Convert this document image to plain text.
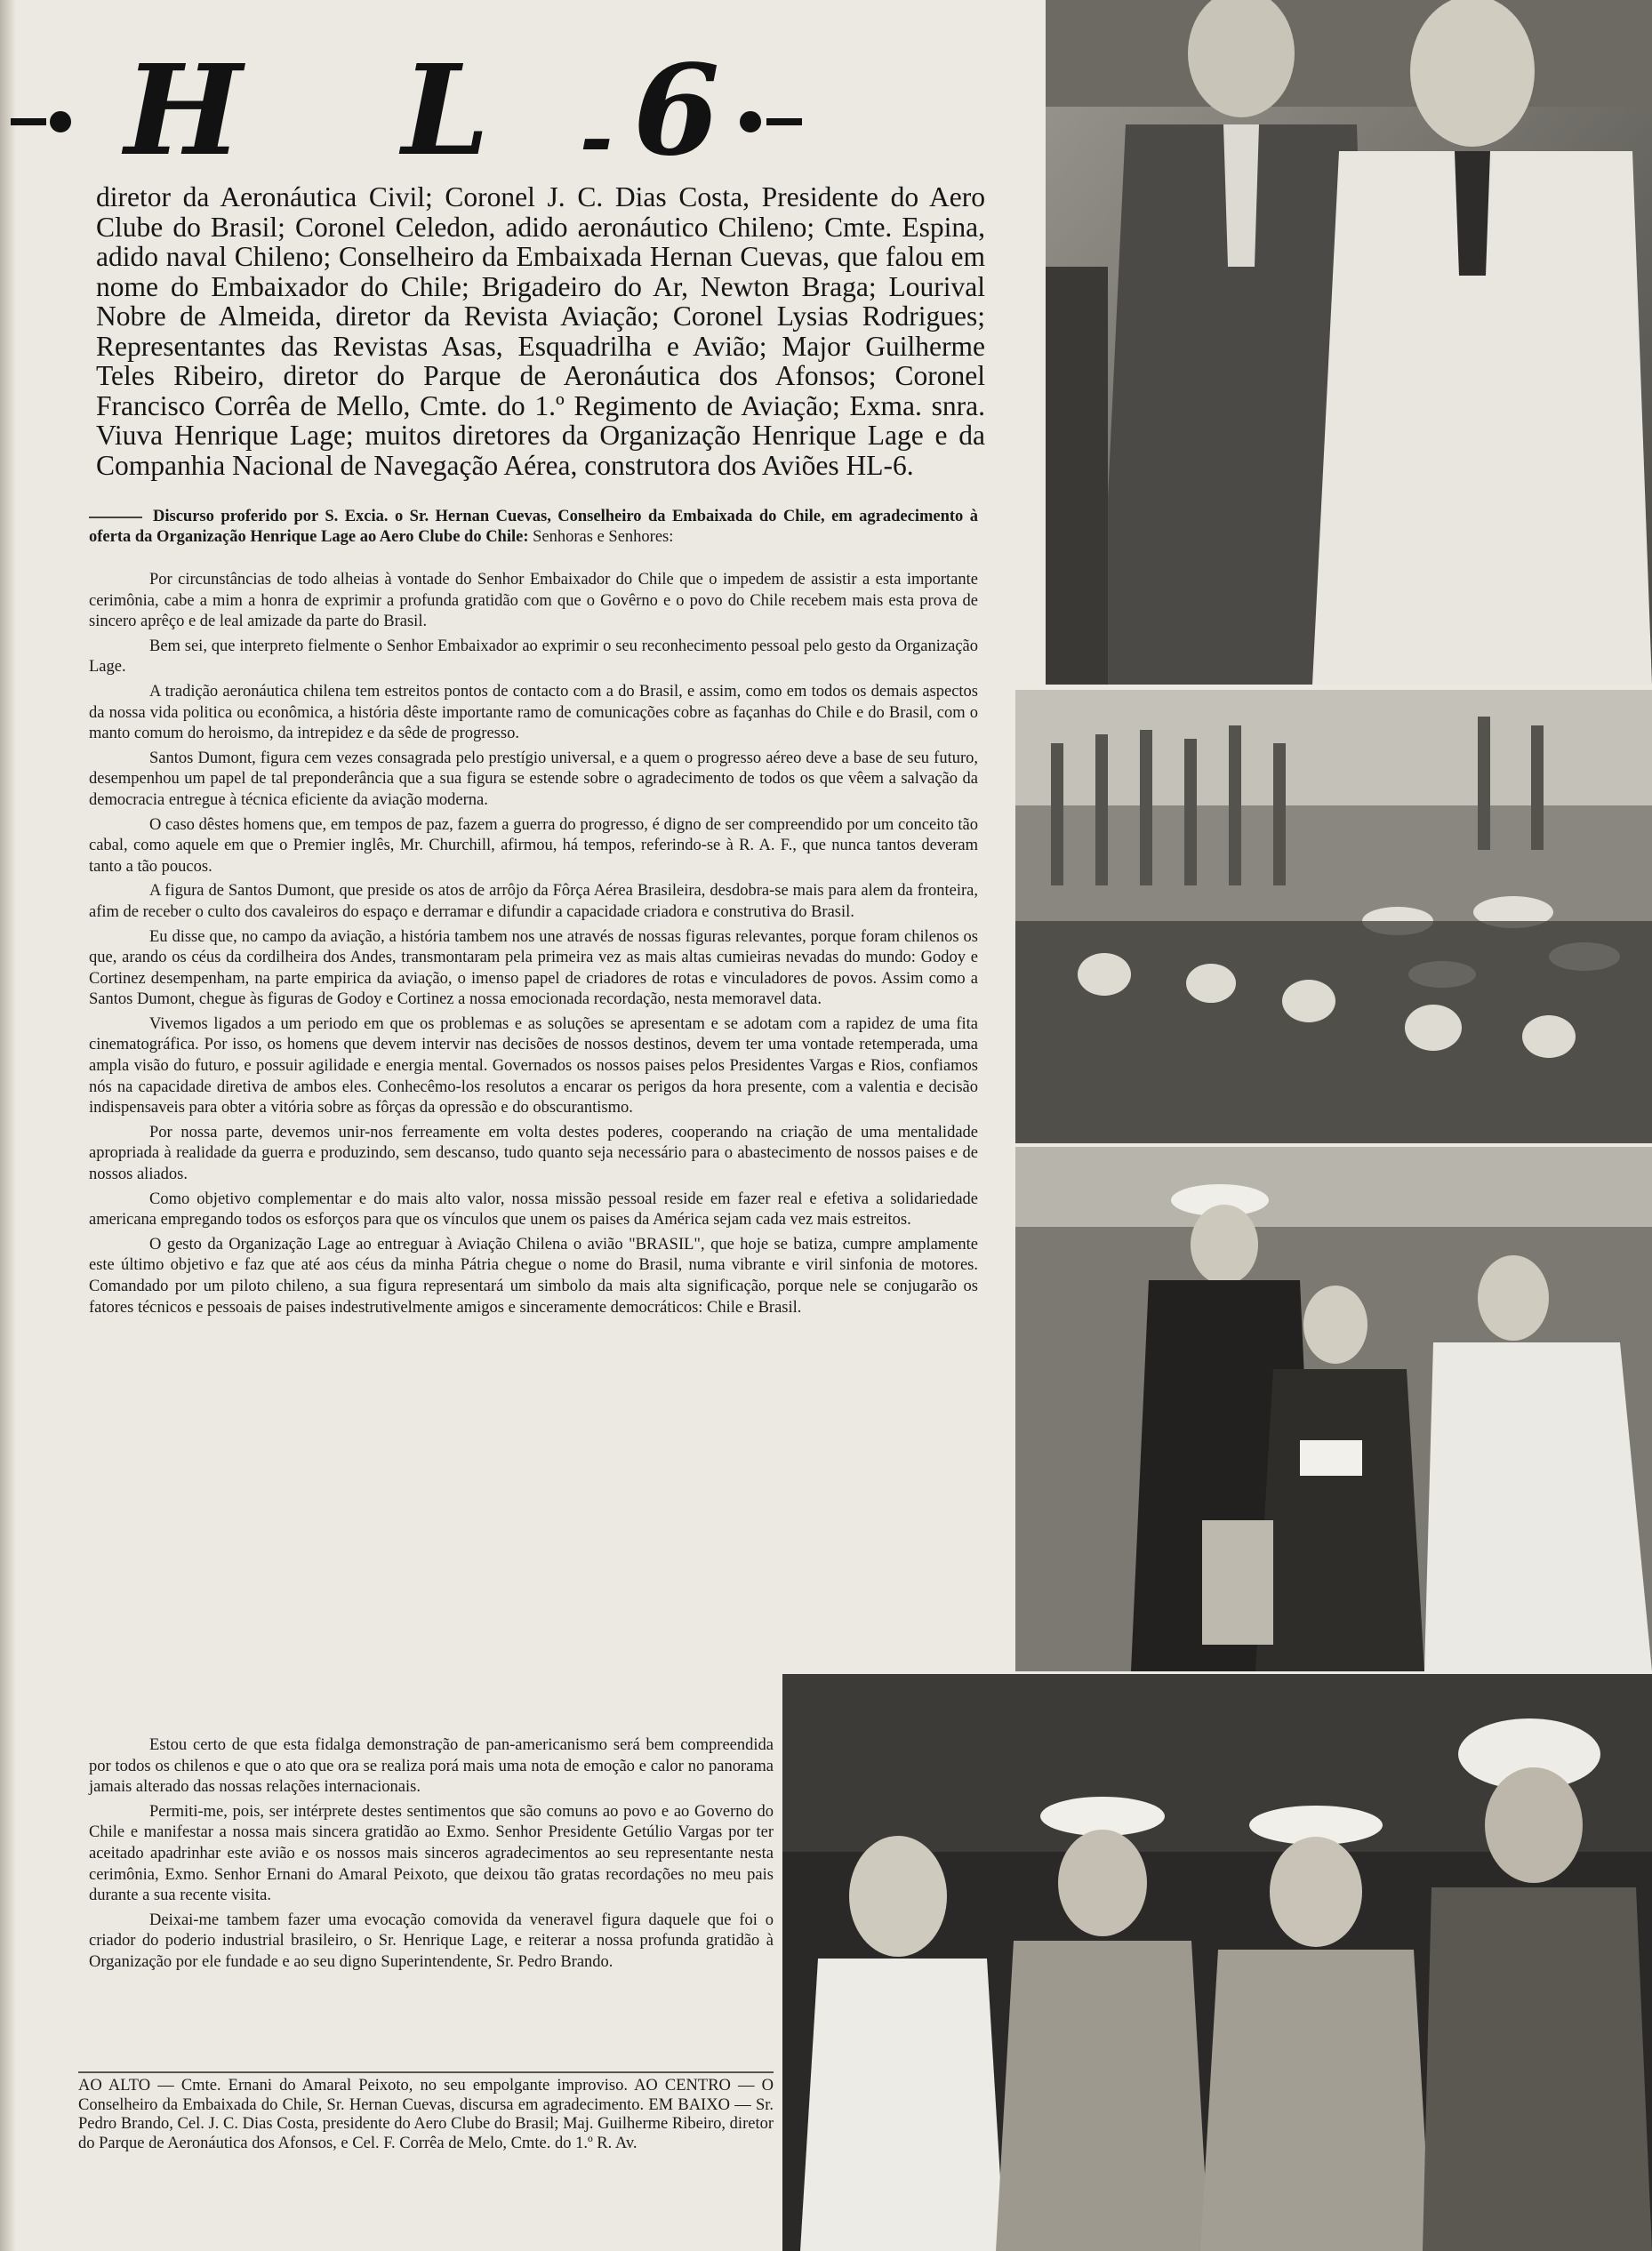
H L - 6
diretor da Aeronáutica Civil; Coronel J. C. Dias Costa, Presidente do Aero Clube do Brasil; Coronel Celedon, adido aeronáutico Chileno; Cmte. Espina, adido naval Chileno; Conselheiro da Embaixada Hernan Cuevas, que falou em nome do Embaixador do Chile; Brigadeiro do Ar, Newton Braga; Lourival Nobre de Almeida, diretor da Revista Aviação; Coronel Lysias Rodrigues; Representantes das Revistas Asas, Esquadrilha e Avião; Major Guilherme Teles Ribeiro, diretor do Parque de Aeronáutica dos Afonsos; Coronel Francisco Corrêa de Mello, Cmte. do 1.º Regimento de Aviação; Exma. snra. Viuva Henrique Lage; muitos diretores da Organização Henrique Lage e da Companhia Nacional de Navegação Aérea, construtora dos Aviões HL-6.
Discurso proferido por S. Excia. o Sr. Hernan Cuevas, Conselheiro da Embaixada do Chile, em agradecimento à oferta da Organização Henrique Lage ao Aero Clube do Chile: Senhoras e Senhores:

Por circunstâncias de todo alheias à vontade do Senhor Embaixador do Chile que o impedem de assistir a esta importante cerimônia, cabe a mim a honra de exprimir a profunda gratidão com que o Govêrno e o povo do Chile recebem mais esta prova de sincero aprêço e de leal amizade da parte do Brasil.

Bem sei, que interpreto fielmente o Senhor Embaixador ao exprimir o seu reconhecimento pessoal pelo gesto da Organização Lage.

A tradição aeronáutica chilena tem estreitos pontos de contacto com a do Brasil, e assim, como em todos os demais aspectos da nossa vida politica ou econômica, a história dêste importante ramo de comunicações cobre as façanhas do Chile e do Brasil, com o manto comum do heroismo, da intrepidez e da sêde de progresso.

Santos Dumont, figura cem vezes consagrada pelo prestígio universal, e a quem o progresso aéreo deve a base de seu futuro, desempenhou um papel de tal preponderância que a sua figura se estende sobre o agradecimento de todos os que vêem a salvação da democracia entregue à técnica eficiente da aviação moderna.

O caso dêstes homens que, em tempos de paz, fazem a guerra do progresso, é digno de ser compreendido por um conceito tão cabal, como aquele em que o Premier inglês, Mr. Churchill, afirmou, há tempos, referindo-se à R. A. F., que nunca tantos deveram tanto a tão poucos.

A figura de Santos Dumont, que preside os atos de arrôjo da Fôrça Aérea Brasileira, desdobra-se mais para alem da fronteira, afim de receber o culto dos cavaleiros do espaço e derramar e difundir a capacidade criadora e construtiva do Brasil.

Eu disse que, no campo da aviação, a história tambem nos une através de nossas figuras relevantes, porque foram chilenos os que, arando os céus da cordilheira dos Andes, transmontaram pela primeira vez as mais altas cumieiras nevadas do mundo: Godoy e Cortinez desempenham, na parte empirica da aviação, o imenso papel de criadores de rotas e vinculadores de povos. Assim como a Santos Dumont, chegue às figuras de Godoy e Cortinez a nossa emocionada recordação, nesta memoravel data.

Vivemos ligados a um periodo em que os problemas e as soluções se apresentam e se adotam com a rapidez de uma fita cinematográfica. Por isso, os homens que devem intervir nas decisões de nossos destinos, devem ter uma vontade retemperada, uma ampla visão do futuro, e possuir agilidade e energia mental. Governados os nossos paises pelos Presidentes Vargas e Rios, confiamos nós na capacidade diretiva de ambos eles. Conhecêmo-los resolutos a encarar os perigos da hora presente, com a valentia e decisão indispensaveis para obter a vitória sobre as fôrças da opressão e do obscurantismo.

Por nossa parte, devemos unir-nos ferreamente em volta destes poderes, cooperando na criação de uma mentalidade apropriada à realidade da guerra e produzindo, sem descanso, tudo quanto seja necessário para o abastecimento de nossos paises e de nossos aliados.

Como objetivo complementar e do mais alto valor, nossa missão pessoal reside em fazer real e efetiva a solidariedade americana empregando todos os esforços para que os vínculos que unem os paises da América sejam cada vez mais estreitos.

O gesto da Organização Lage ao entreguar à Aviação Chilena o avião "BRASIL", que hoje se batiza, cumpre amplamente este último objetivo e faz que até aos céus da minha Pátria chegue o nome do Brasil, numa vibrante e viril sinfonia de motores. Comandado por um piloto chileno, a sua figura representará um simbolo da mais alta significação, porque nele se conjugarão os fatores técnicos e pessoais de paises indestrutivelmente amigos e sinceramente democráticos: Chile e Brasil.

Estou certo de que esta fidalga demonstração de pan-americanismo será bem compreendida por todos os chilenos e que o ato que ora se realiza porá mais uma nota de emoção e calor no panorama jamais alterado das nossas relações internacionais.

Permiti-me, pois, ser intérprete destes sentimentos que são comuns ao povo e ao Governo do Chile e manifestar a nossa mais sincera gratidão ao Exmo. Senhor Presidente Getúlio Vargas por ter aceitado apadrinhar este avião e os nossos mais sinceros agradecimentos ao seu representante nesta cerimônia, Exmo. Senhor Ernani do Amaral Peixoto, que deixou tão gratas recordações no meu pais durante a sua recente visita.

Deixai-me tambem fazer uma evocação comovida da veneravel figura daquele que foi o criador do poderio industrial brasileiro, o Sr. Henrique Lage, e reiterar a nossa profunda gratidão à Organização por ele fundade e ao seu digno Superintendente, Sr. Pedro Brando.

AO ALTO — Cmte. Ernani do Amaral Peixoto, no seu empolgante improviso. AO CENTRO — O Conselheiro da Embaixada do Chile, Sr. Hernan Cuevas, discursa em agradecimento. EM BAIXO — Sr. Pedro Brando, Cel. J. C. Dias Costa, presidente do Aero Clube do Brasil; Maj. Guilherme Ribeiro, diretor do Parque de Aeronáutica dos Afonsos, e Cel. F. Corrêa de Melo, Cmte. do 1.º R. Av.
